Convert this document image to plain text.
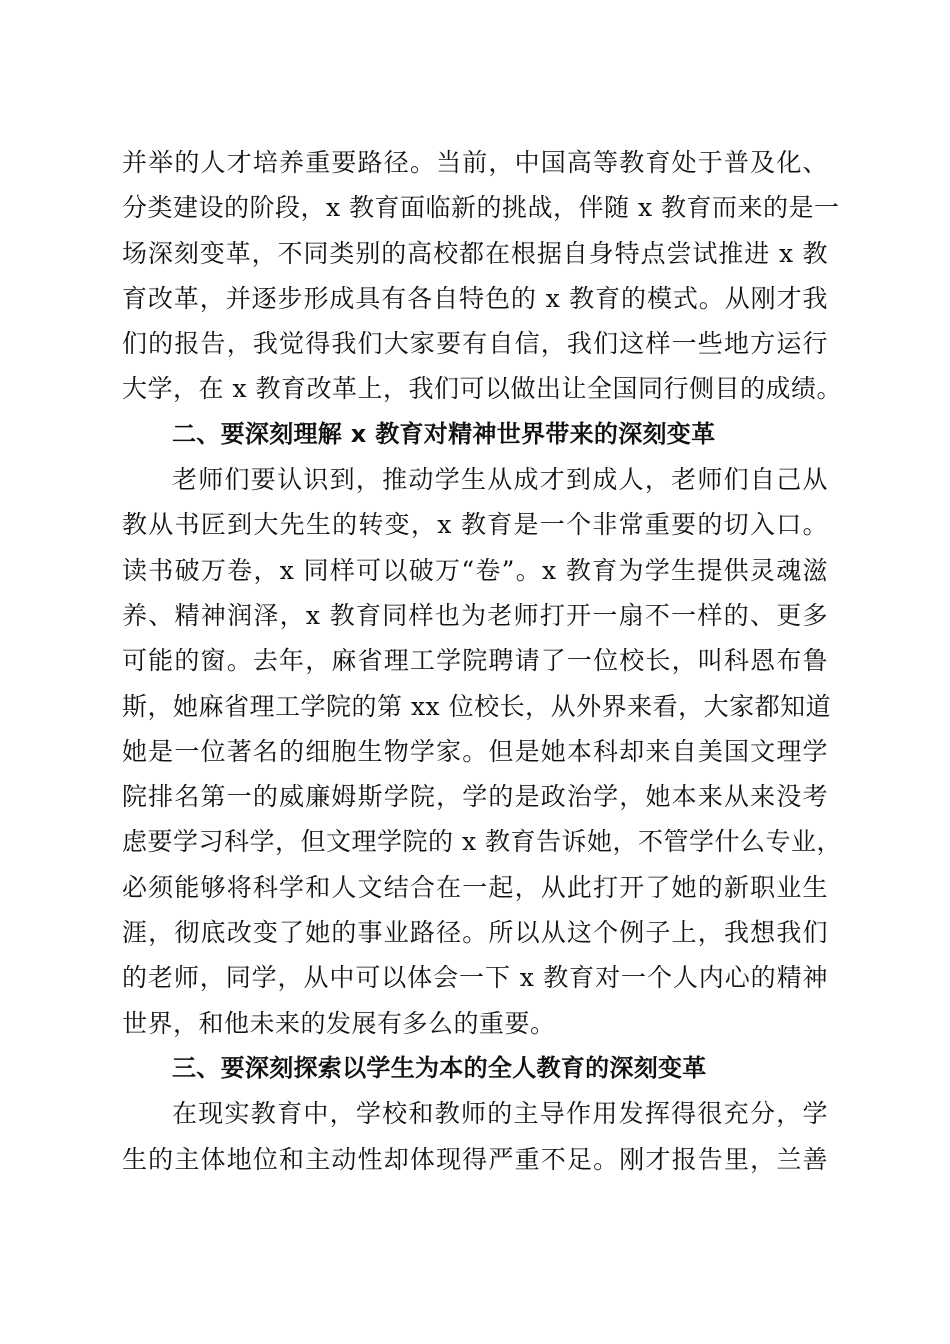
并举的人才培养重要路径。当前，中国高等教育处于普及化、
分类建设的阶段，x 教育面临新的挑战，伴随 x 教育而来的是一
场深刻变革，不同类别的高校都在根据自身特点尝试推进 x 教
育改革，并逐步形成具有各自特色的 x 教育的模式。从刚才我
们的报告，我觉得我们大家要有自信，我们这样一些地方运行
大学，在 x 教育改革上，我们可以做出让全国同行侧目的成绩。
二、要深刻理解 x 教育对精神世界带来的深刻变革
老师们要认识到，推动学生从成才到成人，老师们自己从
教从书匠到大先生的转变，x 教育是一个非常重要的切入口。
读书破万卷，x 同样可以破万“卷”。x 教育为学生提供灵魂滋
养、精神润泽，x 教育同样也为老师打开一扇不一样的、更多
可能的窗。去年，麻省理工学院聘请了一位校长，叫科恩布鲁
斯，她麻省理工学院的第 xx 位校长，从外界来看，大家都知道
她是一位著名的细胞生物学家。但是她本科却来自美国文理学
院排名第一的威廉姆斯学院，学的是政治学，她本来从来没考
虑要学习科学，但文理学院的 x 教育告诉她，不管学什么专业，
必须能够将科学和人文结合在一起，从此打开了她的新职业生
涯，彻底改变了她的事业路径。所以从这个例子上，我想我们
的老师，同学，从中可以体会一下 x 教育对一个人内心的精神
世界，和他未来的发展有多么的重要。
三、要深刻探索以学生为本的全人教育的深刻变革
在现实教育中，学校和教师的主导作用发挥得很充分，学
生的主体地位和主动性却体现得严重不足。刚才报告里，兰善
